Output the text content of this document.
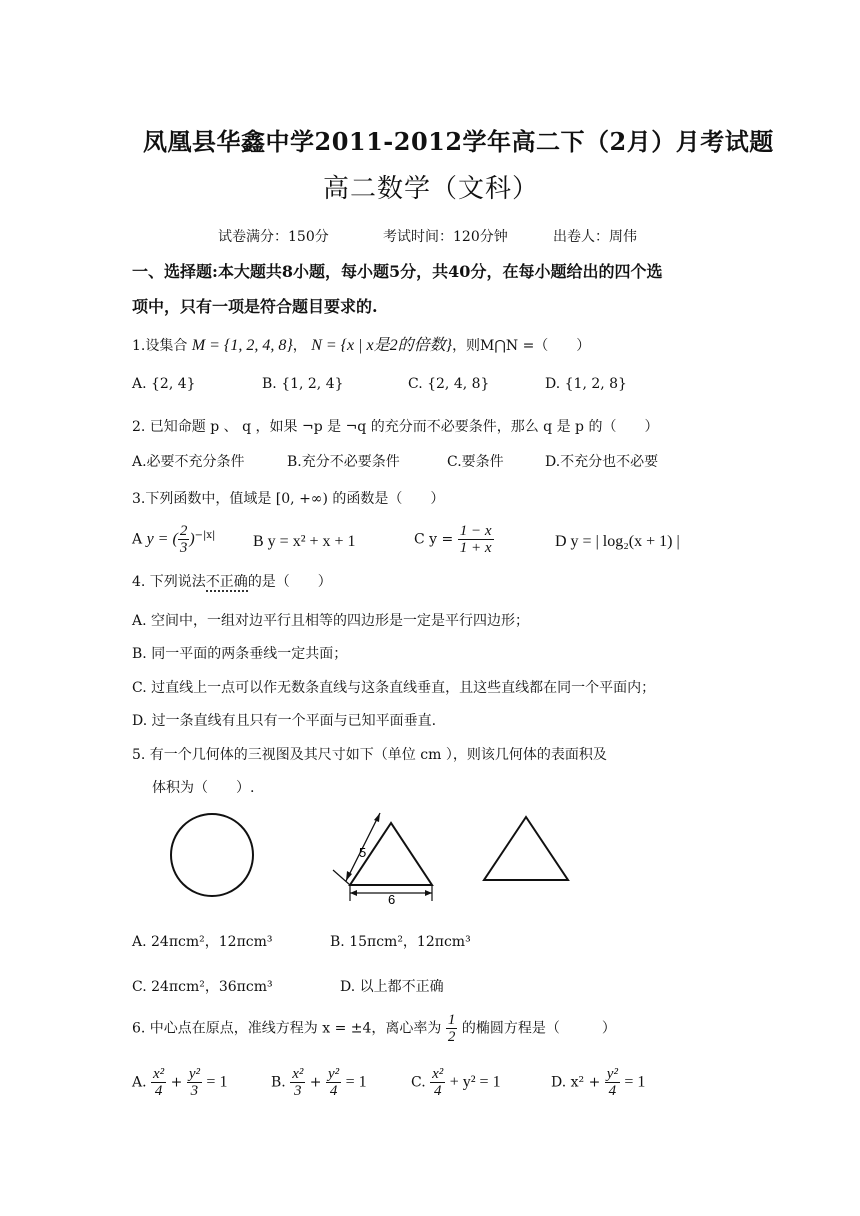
凤凰县华鑫中学2011-2012学年高二下（2月）月考试题
高二数学（文科）
试卷满分：150分	考试时间：120分钟	出卷人：周伟
一、选择题:本大题共8小题，每小题5分，共40分，在每小题给出的四个选
项中，只有一项是符合题目要求的.
1.设集合 M = {1, 2, 4, 8}， N = {x | x是2的倍数}，则M⋂N =（　　）
A. {2, 4}	B. {1, 2, 4}	C. {2, 4, 8}	D. {1, 2, 8}
2. 已知命题 p 、 q ，如果 ¬p 是 ¬q 的充分而不必要条件，那么 q 是 p 的（　　）
A.必要不充分条件	B.充分不必要条件	C.要条件	D.不充分也不必要
3.下列函数中，值域是 [0, +∞) 的函数是（　　）
A y = ( $\frac{2}{3} )^{-|x|}$ B y = x² + x + 1	C $y = \frac{1 - x}{1 + x}$	D y = | log₂(x + 1) |
4. 下列说法不正确的是（　　）
A. 空间中，一组对边平行且相等的四边形是一定是平行四边形；
B. 同一平面的两条垂线一定共面；
C. 过直线上一点可以作无数条直线与这条直线垂直，且这些直线都在同一个平面内；
D. 过一条直线有且只有一个平面与已知平面垂直.
5. 有一个几何体的三视图及其尺寸如下（单位 cm ），则该几何体的表面积及
体积为（　　）.
5
6
A. 24πcm²，12πcm³	B. 15πcm²，12πcm³
C. 24πcm²，36πcm³	D. 以上都不正确
6. 中心点在原点，准线方程为 x = ±4，离心率为 $\frac{1}{2}$ 的椭圆方程是（　　　）
A. $\frac{\text{x²}}{4} + \frac{\text{y²}}{3} = 1$	B. $\frac{\text{x²}}{3} + \frac{\text{y²}}{4} = 1$	C. $\frac{\text{x²}}{4} + y^2 = 1$	D. $x^2 + \frac{\text{y²}}{4} = 1$
